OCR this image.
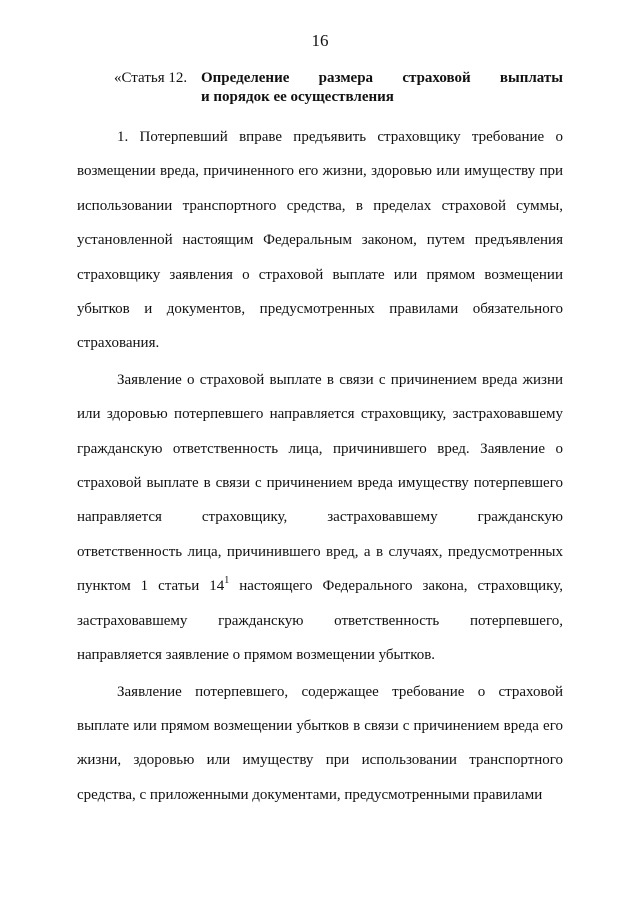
16
«Статья 12. Определение размера страховой выплаты
и порядок ее осуществления

1. Потерпевший вправе предъявить страховщику требование о возмещении вреда, причиненного его жизни, здоровью или имуществу при использовании транспортного средства, в пределах страховой суммы, установленной настоящим Федеральным законом, путем предъявления страховщику заявления о страховой выплате или прямом возмещении убытков и документов, предусмотренных правилами обязательного страхования.

Заявление о страховой выплате в связи с причинением вреда жизни или здоровью потерпевшего направляется страховщику, застраховавшему гражданскую ответственность лица, причинившего вред. Заявление о страховой выплате в связи с причинением вреда имуществу потерпевшего направляется страховщику, застраховавшему гражданскую ответственность лица, причинившего вред, а в случаях, предусмотренных пунктом 1 статьи $14^1$ настоящего Федерального закона, страховщику, застраховавшему гражданскую ответственность потерпевшего, направляется заявление о прямом возмещении убытков.

Заявление потерпевшего, содержащее требование о страховой выплате или прямом возмещении убытков в связи с причинением вреда его жизни, здоровью или имуществу при использовании транспортного средства, с приложенными документами, предусмотренными правилами
